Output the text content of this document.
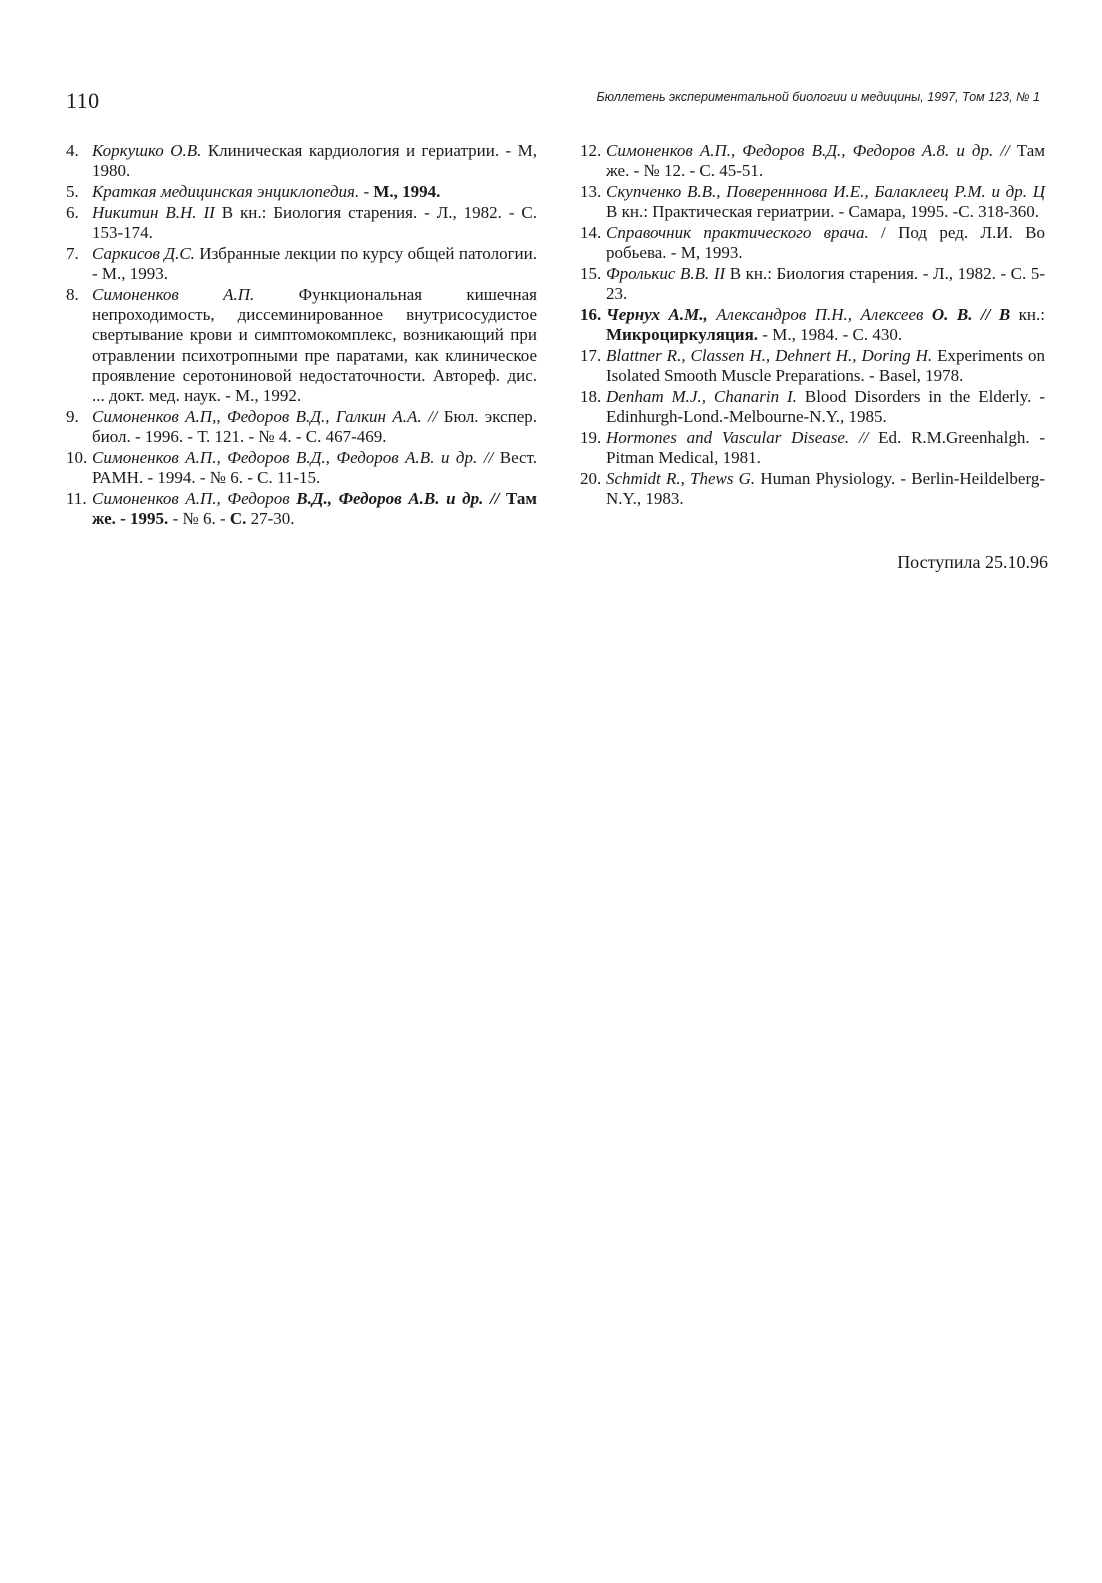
110	Бюллетень экспериментальной биологии и медицины, 1997, Том 123, № 1
4. Коркушко О.В. Клиническая кардиология и гериатрии. - М, 1980.
5. Краткая медицинская энциклопедия. - М., 1994.
6. Никитин В.Н. II В кн.: Биология старения. - Л., 1982. - С. 153-174.
7. Саркисов Д.С. Избранные лекции по курсу общей патологии. - М., 1993.
8. Симоненков А.П. Функциональная кишечная непроходимость, диссеминированное внутрисосудистое свертывание крови и симптомокомплекс, возникающий при отравлении психотропными пре паратами, как клиническое проявление серотониновой недостаточности. Автореф. дис. ... докт. мед. наук. - М., 1992.
9. Симоненков А.П,, Федоров В.Д., Галкин А.А. // Бюл. экспер. биол. - 1996. - Т. 121. - № 4. - С. 467-469.
10. Симоненков А.П., Федоров В.Д., Федоров А.В. и др. // Вест. РАМН. - 1994. - № 6. - С. 11-15.
11. Симоненков А.П., Федоров В.Д., Федоров А.В. и др. // Там же. - 1995. - № 6. - С. 27-30.
12. Симоненков А.П., Федоров В.Д., Федоров А.8. и др. // Там же. - № 12. - С. 45-51.
13. Скупченко В.В., Поверенннова И.Е., Балаклеец Р.М. и др. Ц В кн.: Практическая гериатрии. - Самара, 1995. -С. 318-360.
14. Справочник практического врача. / Под ред. Л.И. Во робьева. - М, 1993.
15. Фролькис В.В. II В кн.: Биология старения. - Л., 1982. - С. 5-23.
16. Чернух А.М., Александров П.Н., Алексеев О. В. // В кн.: Микроциркуляция. - М., 1984. - С. 430.
17. Blattner R., Classen H., Dehnert H., Doring H. Experiments on Isolated Smooth Muscle Preparations. - Basel, 1978.
18. Denham M.J., Chanarin I. Blood Disorders in the Elderly. - Edinhurgh-Lond.-Melbourne-N.Y., 1985.
19. Hormones and Vascular Disease. // Ed. R.M.Greenhalgh. - Pitman Medical, 1981.
20. Schmidt R., Thews G. Human Physiology. - Berlin-Heildelberg-N.Y., 1983.
Поступила 25.10.96
